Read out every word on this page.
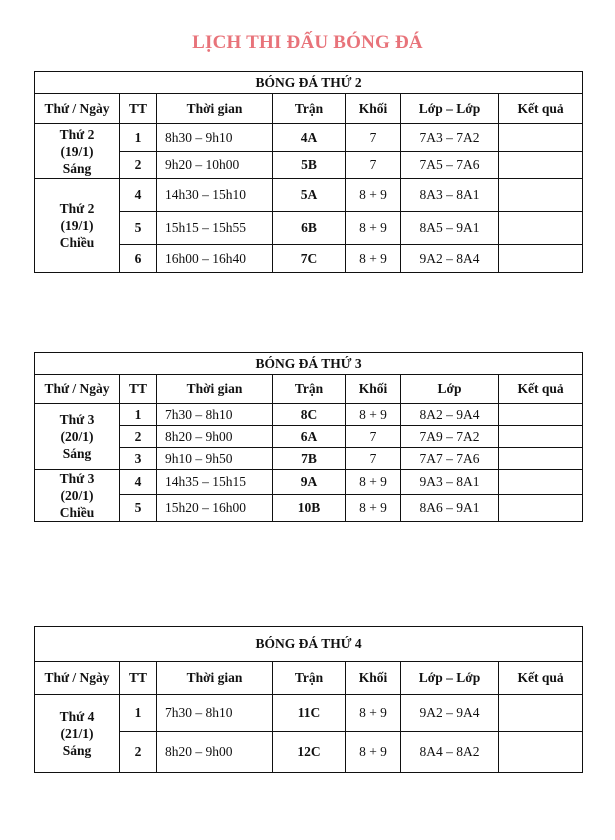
LỊCH THI ĐẤU BÓNG ĐÁ
BÓNG ĐÁ THỨ 2						
Thứ / Ngày	TT	Thời gian	Trận	Khối	Lớp – Lớp	Kết quả

Thứ 2
(19/1)
Sáng	1	8h30 – 9h10	4A	7	7A3 – 7A2	
	2	9h20 – 10h00	5B	7	7A5 – 7A6	

Thứ 2
(19/1)
Chiều	4	14h30 – 15h10	5A	8 + 9	8A3 – 8A1	
	5	15h15 – 15h55	6B	8 + 9	8A5 – 9A1	
	6	16h00 – 16h40	7C	8 + 9	9A2 – 8A4	
BÓNG ĐÁ THỨ 3						
Thứ / Ngày	TT	Thời gian	Trận	Khối	Lớp	Kết quả

Thứ 3
(20/1)
Sáng	1	7h30 – 8h10	8C	8 + 9	8A2 – 9A4	
	2	8h20 – 9h00	6A	7	7A9 – 7A2	
	3	9h10 – 9h50	7B	7	7A7 – 7A6	

Thứ 3
(20/1)
Chiều	4	14h35 – 15h15	9A	8 + 9	9A3 – 8A1	
	5	15h20 – 16h00	10B	8 + 9	8A6 – 9A1	
BÓNG ĐÁ THỨ 4						
Thứ / Ngày	TT	Thời gian	Trận	Khối	Lớp – Lớp	Kết quả

Thứ 4
(21/1)
Sáng	1	7h30 – 8h10	11C	8 + 9	9A2 – 9A4	
	2	8h20 – 9h00	12C	8 + 9	8A4 – 8A2	
